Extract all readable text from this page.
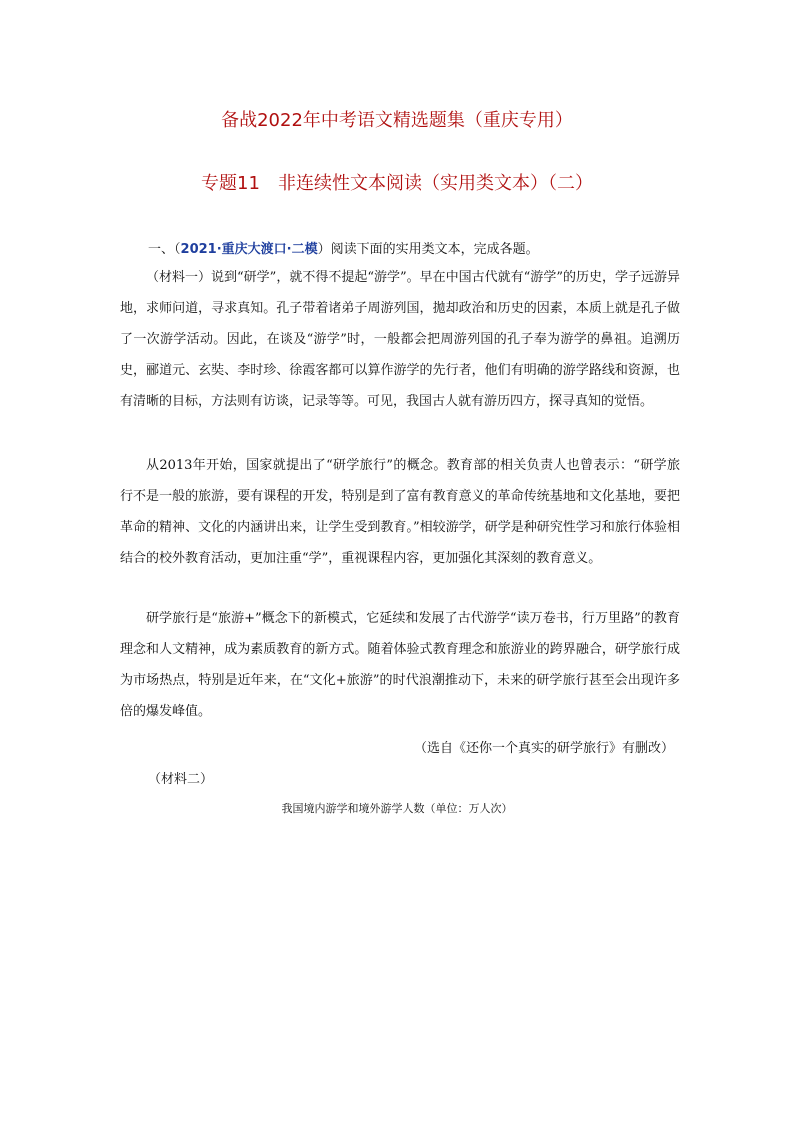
备战2022年中考语文精选题集（重庆专用）
专题11　非连续性文本阅读（实用类文本）（二）
一、（2021·重庆大渡口·二模）阅读下面的实用类文本，完成各题。

（材料一）说到“研学”，就不得不提起“游学”。早在中国古代就有“游学”的历史，学子远游异地，求师问道，寻求真知。孔子带着诸弟子周游列国，拋却政治和历史的因素，本质上就是孔子做了一次游学活动。因此，在谈及“游学”时，一般都会把周游列国的孔子奉为游学的鼻祖。追溯历史，郦道元、玄奘、李时珍、徐霞客都可以算作游学的先行者，他们有明确的游学路线和资源，也有清晰的目标，方法则有访谈，记录等等。可见，我国古人就有游历四方，探寻真知的觉悟。

从2013年开始，国家就提出了“研学旅行”的概念。教育部的相关负责人也曾表示：“研学旅行不是一般的旅游，要有课程的开发，特别是到了富有教育意义的革命传统基地和文化基地，要把革命的精神、文化的内涵讲出来，让学生受到教育。”相较游学，研学是种研究性学习和旅行体验相结合的校外教育活动，更加注重“学”，重视课程内容，更加强化其深刻的教育意义。

研学旅行是“旅游+”概念下的新模式，它延续和发展了古代游学“读万卷书，行万里路”的教育理念和人文精神，成为素质教育的新方式。随着体验式教育理念和旅游业的跨界融合，研学旅行成为市场热点，特别是近年来，在“文化+旅游”的时代浪潮推动下，未来的研学旅行甚至会出现许多倍的爆发峰值。

（选自《还你一个真实的研学旅行》有删改）
（材料二）
我国境内游学和境外游学人数（单位：万人次）
